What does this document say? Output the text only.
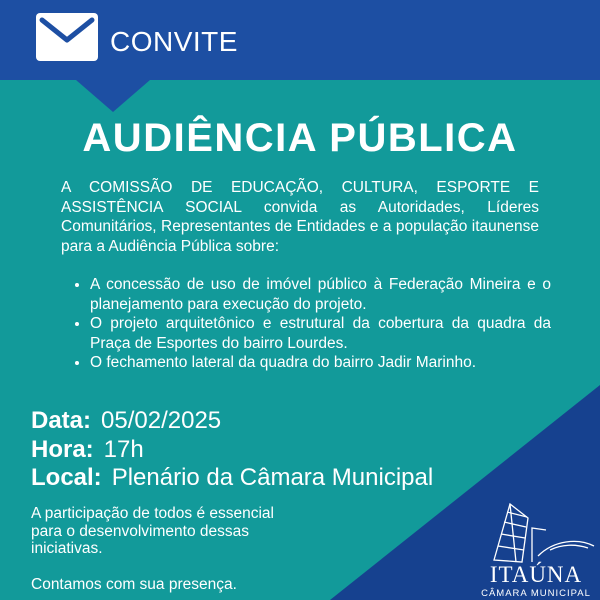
CONVITE
AUDIÊNCIA PÚBLICA
A COMISSÃO DE EDUCAÇÃO, CULTURA, ESPORTE E ASSISTÊNCIA SOCIAL convida as Autoridades, Líderes Comunitários, Representantes de Entidades e a população itaunense para a Audiência Pública sobre:
• A concessão de uso de imóvel público à Federação Mineira e o planejamento para execução do projeto.
• O projeto arquitetônico e estrutural da cobertura da quadra da Praça de Esportes do bairro Lourdes.
• O fechamento lateral da quadra do bairro Jadir Marinho.
Data: 05/02/2025
Hora: 17h
Local: Plenário da Câmara Municipal
A participação de todos é essencial para o desenvolvimento dessas iniciativas.
Contamos com sua presença.	ITAÚNA
CÂMARA MUNICIPAL
